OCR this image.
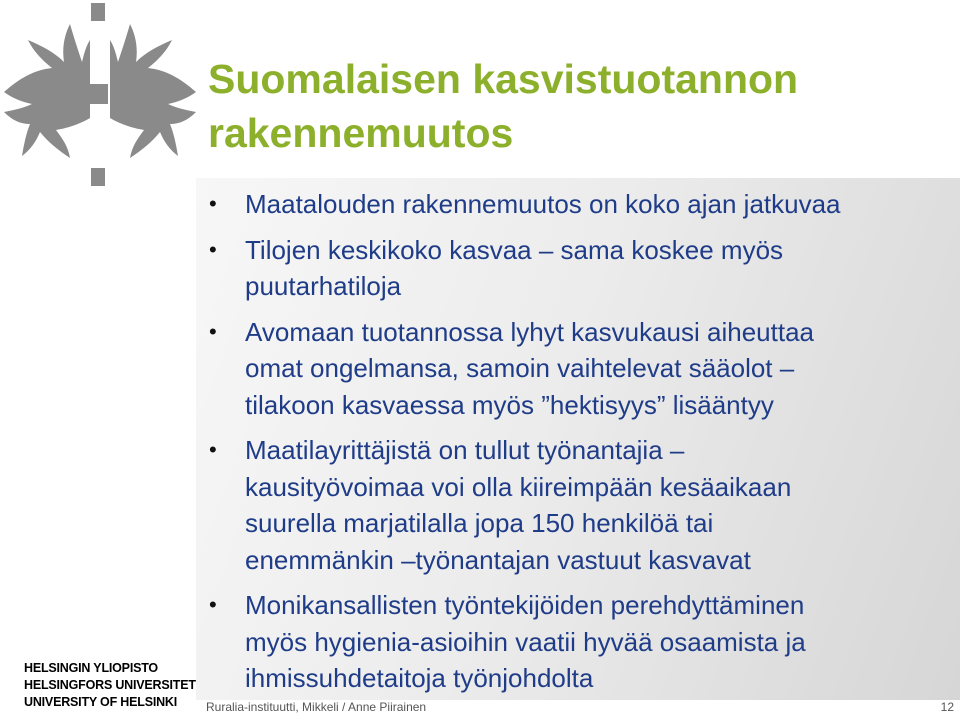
Suomalaisen kasvistuotannon
rakennemuutos
• Maatalouden rakennemuutos on koko ajan jatkuvaa
• Tilojen keskikoko kasvaa – sama koskee myös
puutarhatiloja
• Avomaan tuotannossa lyhyt kasvukausi aiheuttaa
omat ongelmansa, samoin vaihtelevat sääolot –
tilakoon kasvaessa myös ”hektisyys” lisääntyy
• Maatilayrittäjistä on tullut työnantajia –
kausityövoimaa voi olla kiireimpään kesäaikaan
suurella marjatilalla jopa 150 henkilöä tai
enemmänkin –työnantajan vastuut kasvavat
• Monikansallisten työntekijöiden perehdyttäminen
myös hygienia-asioihin vaatii hyvää osaamista ja
ihmissuhdetaitoja työnjohdolta
HELSINGIN YLIOPISTO
HELSINGFORS UNIVERSITET
UNIVERSITY OF HELSINKI	Ruralia-instituutti, Mikkeli / Anne Piirainen	12
